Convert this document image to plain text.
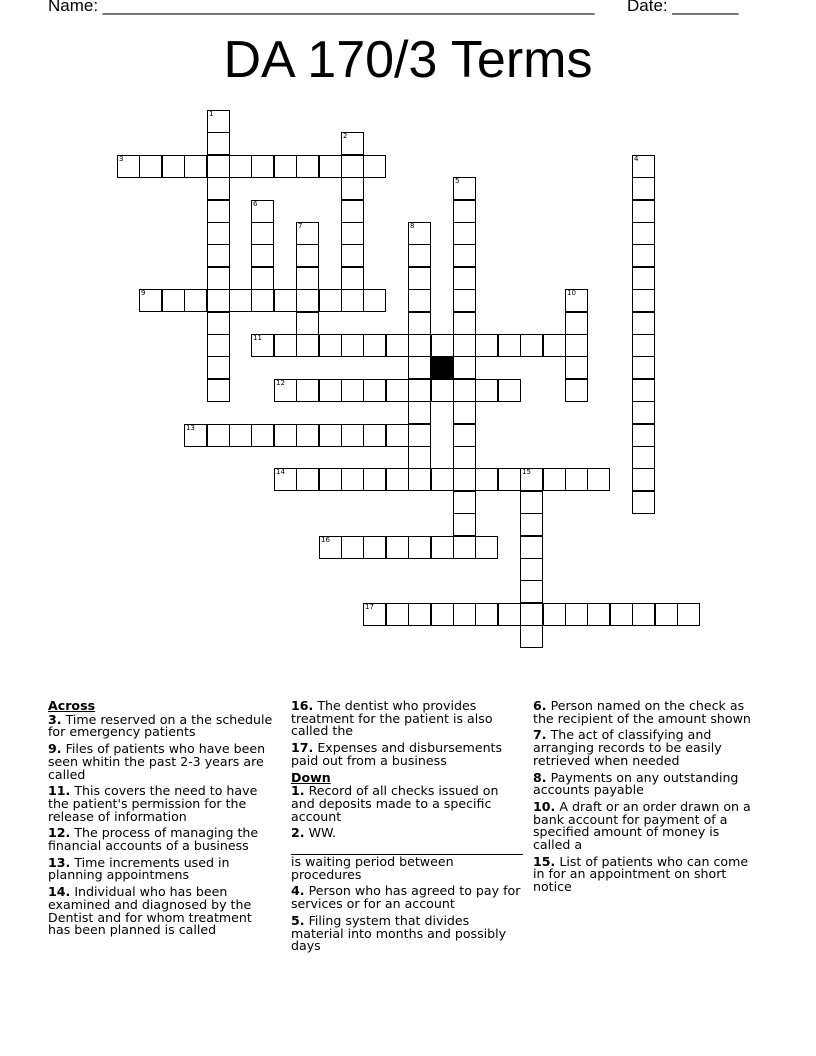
Name: ____________________________________________________ Date: _______
DA 170/3 Terms
1
2
3	4
5
6
7	8
9	10
11
12
13
14	15
16
17
Across
3. Time reserved on a the schedule for emergency patients
9. Files of patients who have been seen whitin the past 2-3 years are called
11. This covers the need to have the patient's permission for the release of information
12. The process of managing the financial accounts of a business
13. Time increments used in planning appointmens
14. Individual who has been examined and diagnosed by the Dentist and for whom treatment has been planned is called
16. The dentist who provides treatment for the patient is also called the
17. Expenses and disbursements paid out from a business
Down
1. Record of all checks issued on and deposits made to a specific account
2. WW.
is waiting period between procedures
4. Person who has agreed to pay for services or for an account
5. Filing system that divides material into months and possibly days
6. Person named on the check as the recipient of the amount shown
7. The act of classifying and arranging records to be easily retrieved when needed
8. Payments on any outstanding accounts payable
10. A draft or an order drawn on a bank account for payment of a specified amount of money is called a
15. List of patients who can come in for an appointment on short notice
